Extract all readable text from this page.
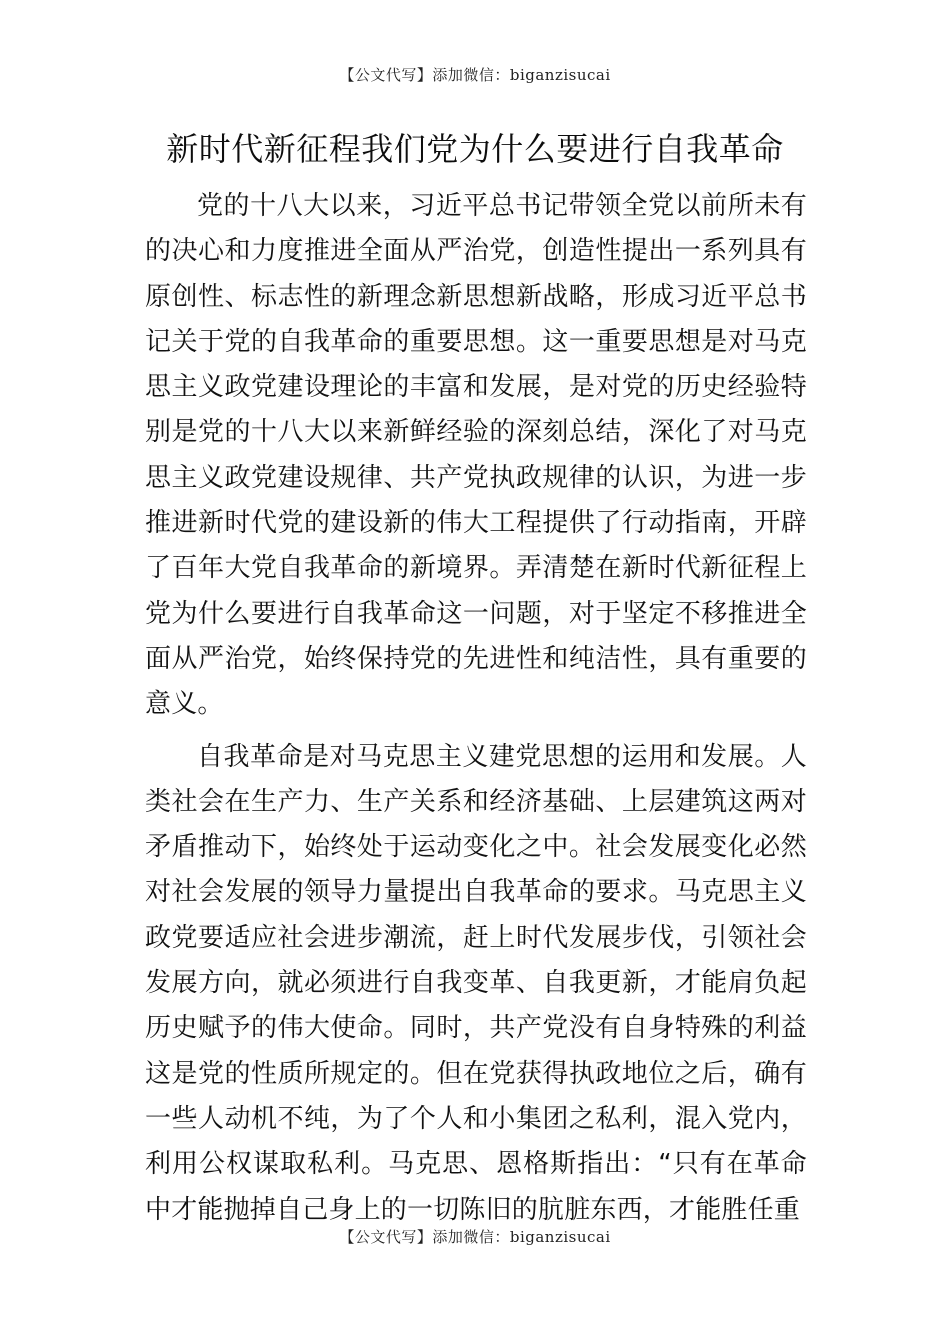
【公文代写】添加微信：biganzisucai
新时代新征程我们党为什么要进行自我革命

党的十八大以来，习近平总书记带领全党以前所未有的决心和力度推进全面从严治党，创造性提出一系列具有原创性、标志性的新理念新思想新战略，形成习近平总书记关于党的自我革命的重要思想。这一重要思想是对马克思主义政党建设理论的丰富和发展，是对党的历史经验特别是党的十八大以来新鲜经验的深刻总结，深化了对马克思主义政党建设规律、共产党执政规律的认识，为进一步推进新时代党的建设新的伟大工程提供了行动指南，开辟了百年大党自我革命的新境界。弄清楚在新时代新征程上党为什么要进行自我革命这一问题，对于坚定不移推进全面从严治党，始终保持党的先进性和纯洁性，具有重要的意义。

自我革命是对马克思主义建党思想的运用和发展。人类社会在生产力、生产关系和经济基础、上层建筑这两对矛盾推动下，始终处于运动变化之中。社会发展变化必然对社会发展的领导力量提出自我革命的要求。马克思主义政党要适应社会进步潮流，赶上时代发展步伐，引领社会发展方向，就必须进行自我变革、自我更新，才能肩负起历史赋予的伟大使命。同时，共产党没有自身特殊的利益这是党的性质所规定的。但在党获得执政地位之后，确有一些人动机不纯，为了个人和小集团之私利，混入党内，利用公权谋取私利。马克思、恩格斯指出：“只有在革命中才能抛掉自己身上的一切陈旧的肮脏东西，才能胜任重

【公文代写】添加微信：biganzisucai
